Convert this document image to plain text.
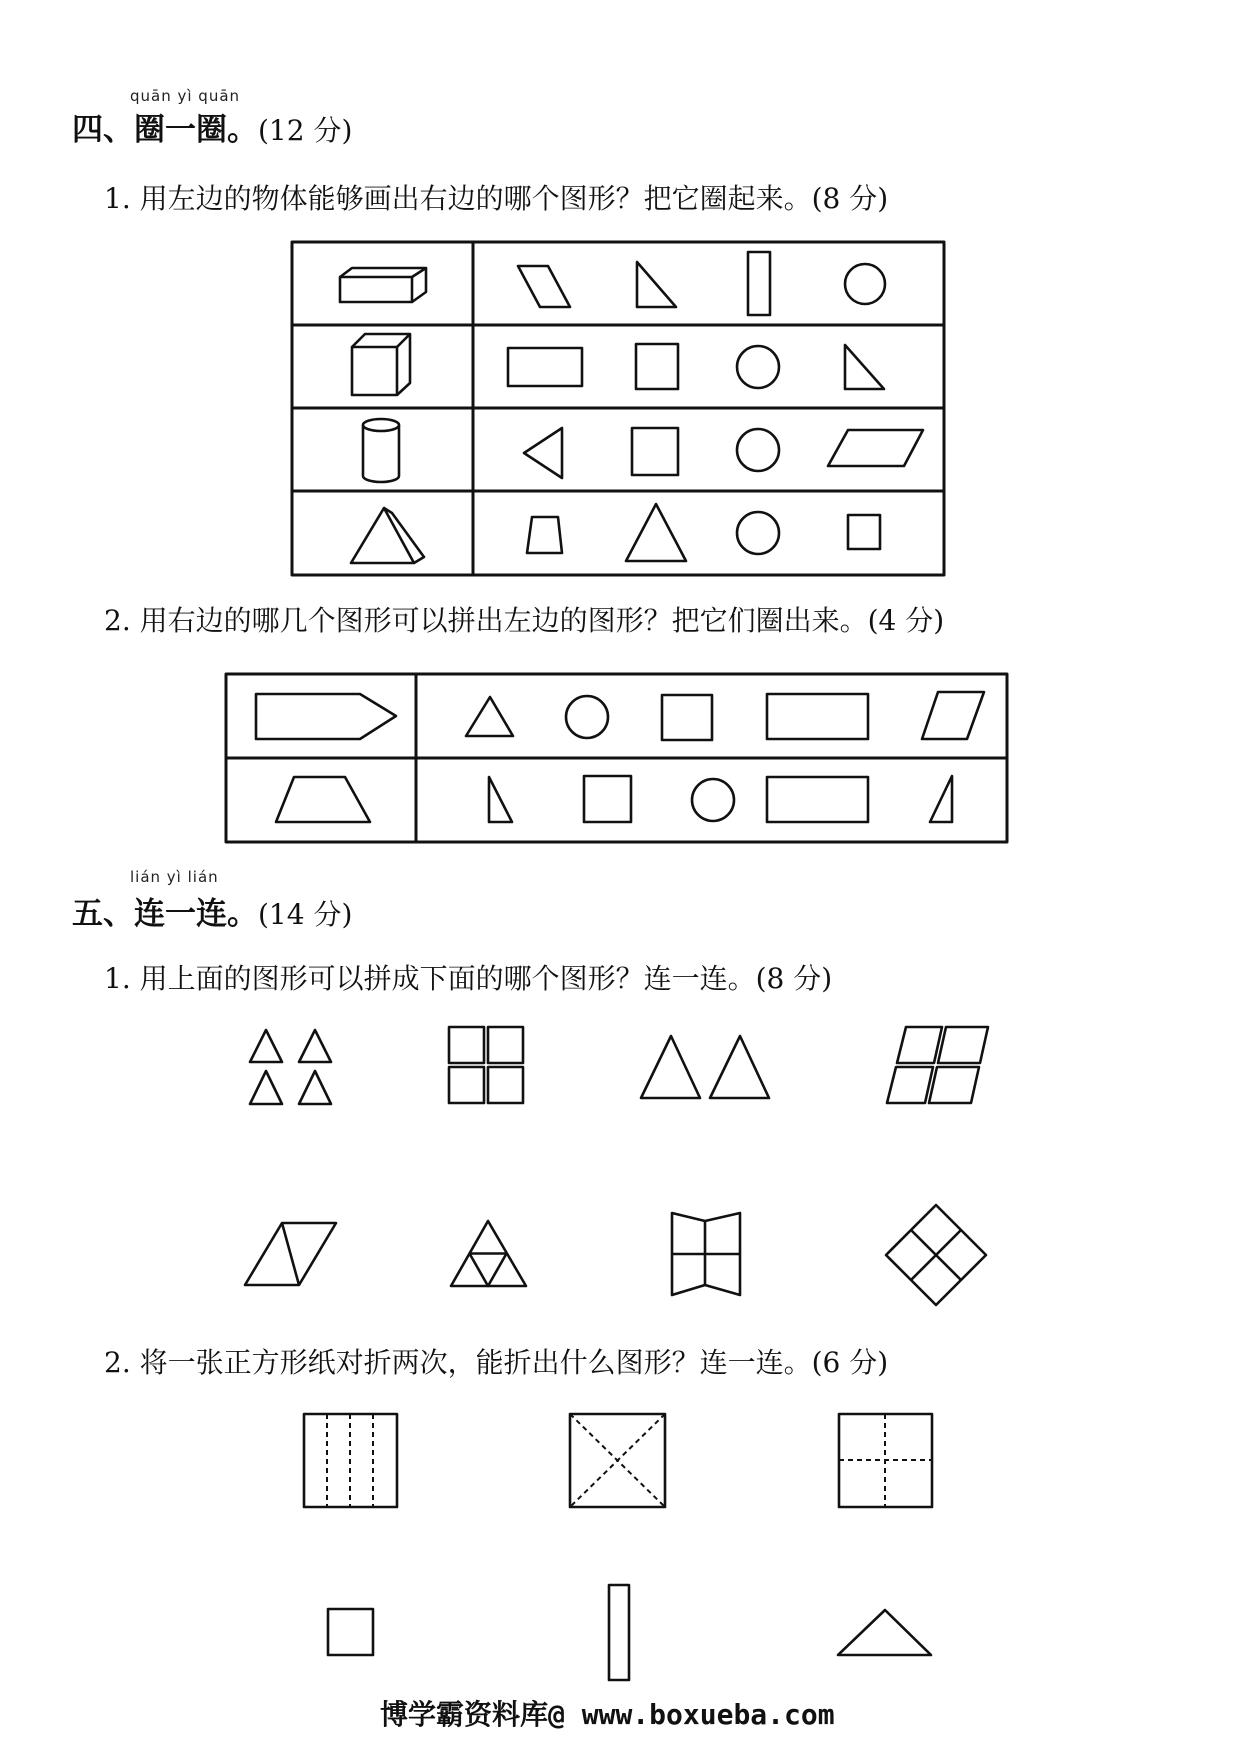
quān yì quān
四、圈一圈。(12 分)
1. 用左边的物体能够画出右边的哪个图形？把它圈起来。(8 分)
2. 用右边的哪几个图形可以拼出左边的图形？把它们圈出来。(4 分)
lián yì lián
五、连一连。(14 分)
1. 用上面的图形可以拼成下面的哪个图形？连一连。(8 分)
2. 将一张正方形纸对折两次，能折出什么图形？连一连。(6 分)
博学霸资料库@ www.boxueba.com
